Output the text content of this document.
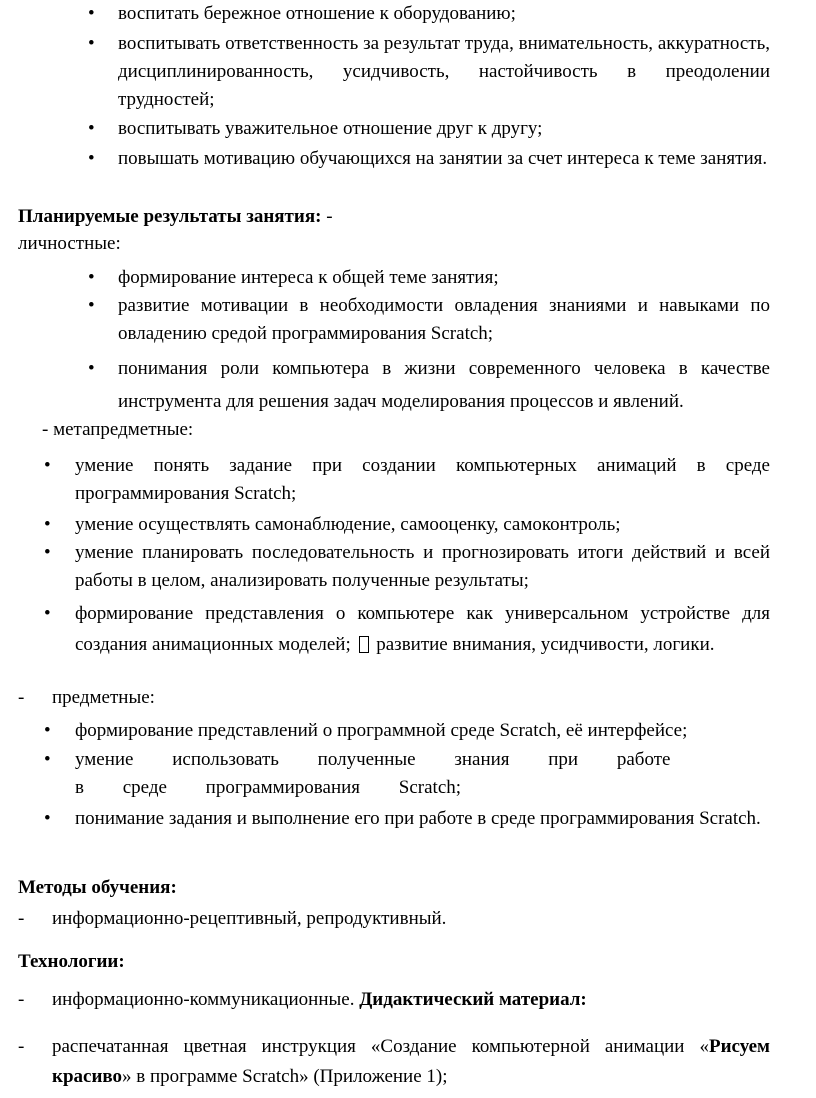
• воспитать бережное отношение к оборудованию;
• воспитывать ответственность за результат труда, внимательность, аккуратность, дисциплинированность, усидчивость, настойчивость в преодолении трудностей;
• воспитывать уважительное отношение друг к другу;
• повышать мотивацию обучающихся на занятии за счет интереса к теме занятия.
Планируемые результаты занятия: -
личностные:
• формирование интереса к общей теме занятия;
• развитие мотивации в необходимости овладения знаниями и навыками по овладению средой программирования Scratch;
• понимания роли компьютера в жизни современного человека в качестве инструмента для решения задач моделирования процессов и явлений.
- метапредметные:
• умение понять задание при создании компьютерных анимаций в среде программирования Scratch;
• умение осуществлять самонаблюдение, самооценку, самоконтроль;
• умение планировать последовательность и прогнозировать итоги действий и всей работы в целом, анализировать полученные результаты;
• формирование представления о компьютере как универсальном устройстве для создания анимационных моделей; развитие внимания, усидчивости, логики.
- предметные:
• формирование представлений о программной среде Scratch, её интерфейсе;
• умение использовать полученные знания при работе в среде программирования Scratch;
• понимание задания и выполнение его при работе в среде программирования Scratch.
Методы обучения:
- информационно-рецептивный, репродуктивный.
Технологии:
- информационно-коммуникационные. Дидактический материал:
- распечатанная цветная инструкция «Создание компьютерной анимации «Рисуем красиво» в программе Scratch» (Приложение 1);
